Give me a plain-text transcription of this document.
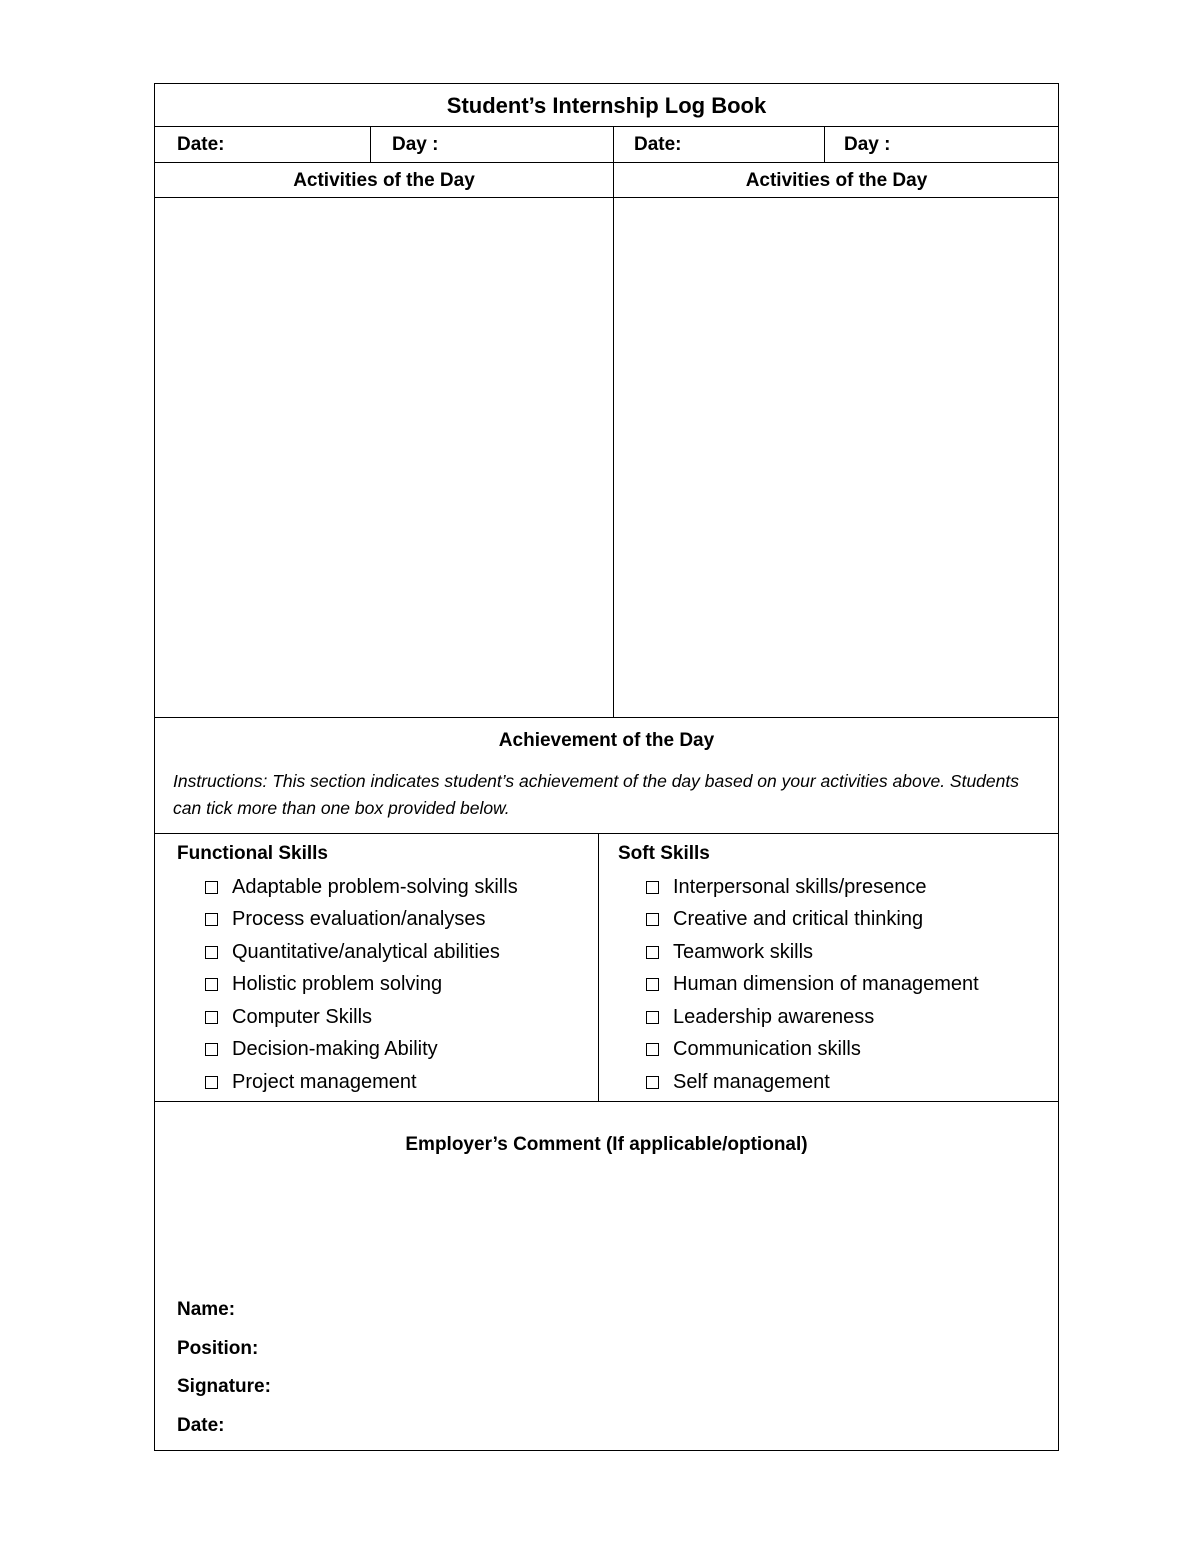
Student’s Internship Log Book
Date:	Day :	Date:	Day :
Activities of the Day	Activities of the Day
Achievement of the Day
Instructions: This section indicates student’s achievement of the day based on your activities above. Students can tick more than one box provided below.
Functional Skills
Adaptable problem-solving skills
Process evaluation/analyses
Quantitative/analytical abilities
Holistic problem solving
Computer Skills
Decision-making Ability
Project management
Soft Skills
Interpersonal skills/presence
Creative and critical thinking
Teamwork skills
Human dimension of management
Leadership awareness
Communication skills
Self management
Employer’s Comment (If applicable/optional)
Name:
Position:
Signature:
Date:
